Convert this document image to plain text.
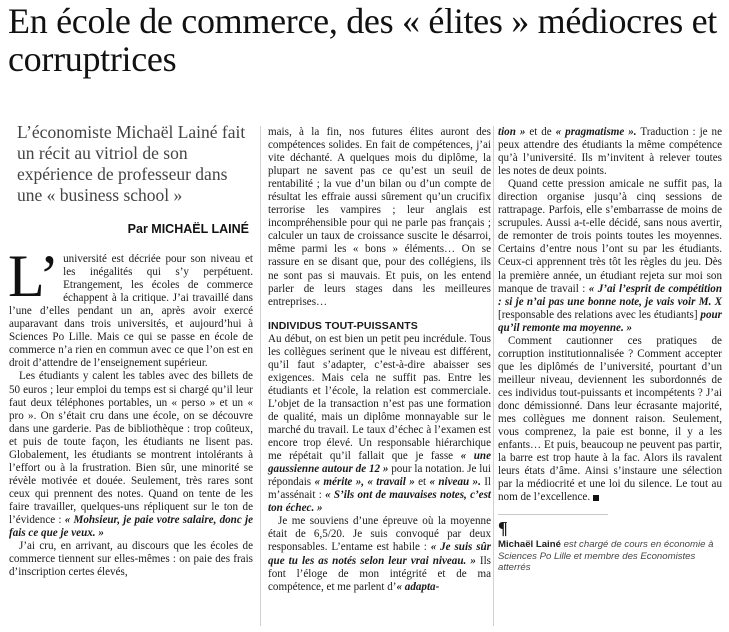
En école de commerce, des « élites » médiocres et corruptrices
L’économiste Michaël Lainé fait un récit au vitriol de son expérience de professeur dans une « business school »
Par MICHAËL LAINÉ

L’ université est décriée pour son niveau et les inégalités qui s’y perpétuent. Etrangement, les écoles de commerce échappent à la critique. J’ai travaillé dans l’une d’elles pendant un an, après avoir exercé auparavant dans trois universités, et aujourd’hui à Sciences Po Lille. Mais ce qui se passe en école de commerce n’a rien en commun avec ce que l’on est en droit d’attendre de l’enseignement supérieur.

Les étudiants y calent les tables avec des billets de 50 euros ; leur emploi du temps est si chargé qu’il leur faut deux téléphones portables, un « perso » et un « pro ». On s’était cru dans une école, on se découvre dans une garderie. Pas de bibliothèque : trop coûteux, et puis de toute façon, les étudiants ne lisent pas. Globalement, les étudiants se montrent intolérants à l’effort ou à la frustration. Bien sûr, une minorité se révèle motivée et douée. Seulement, très rares sont ceux qui prennent des notes. Quand on tente de les faire travailler, quelques-uns répliquent sur le ton de l’évidence : « Mohsieur, je paie votre salaire, donc je fais ce que je veux. »

J’ai cru, en arrivant, au discours que les écoles de commerce tiennent sur elles-mêmes : on paie des frais d’inscription certes élevés,

mais, à la fin, nos futures élites auront des compétences solides. En fait de compétences, j’ai vite déchanté. A quelques mois du diplôme, la plupart ne savent pas ce qu’est un seuil de rentabilité ; la vue d’un bilan ou d’un compte de résultat les effraie aussi sûrement qu’un crucifix terrorise les vampires ; leur anglais est incompréhensible pour qui ne parle pas français ; calculer un taux de croissance suscite le désarroi, même parmi les « bons » éléments… On se rassure en se disant que, pour des collégiens, ils ne sont pas si mauvais. Et puis, on les entend parler de leurs stages dans les meilleures entreprises…

INDIVIDUS TOUT-PUISSANTS

Au début, on est bien un petit peu incrédule. Tous les collègues serinent que le niveau est différent, qu’il faut s’adapter, c’est-à-dire abaisser ses exigences. Mais cela ne suffit pas. Entre les étudiants et l’école, la relation est commerciale. L’objet de la transaction n’est pas une formation de qualité, mais un diplôme monnayable sur le marché du travail. Le taux d’échec à l’examen est encore trop élevé. Un responsable hiérarchique me répétait qu’il fallait que je fasse « une gaussienne autour de 12 » pour la notation. Je lui répondais « mérite », « travail » et « niveau ». Il m’assénait : « S’ils ont de mauvaises notes, c’est ton échec. »

Je me souviens d’une épreuve où la moyenne était de 6,5/20. Je suis convoqué par deux responsables. L’entame est habile : « Je suis sûr que tu les as notés selon leur vrai niveau. » Ils font l’éloge de mon intégrité et de ma compétence, et me parlent d’« adapta-

tion » et de « pragmatisme ». Traduction : je ne peux attendre des étudiants la même compétence qu’à l’université. Ils m’invitent à relever toutes les notes de deux points.

Quand cette pression amicale ne suffit pas, la direction organise jusqu’à cinq sessions de rattrapage. Parfois, elle s’embarrasse de moins de scrupules. Aussi a-t-elle décidé, sans nous avertir, de remonter de trois points toutes les moyennes. Certains d’entre nous l’ont su par les étudiants. Ceux-ci apprennent très tôt les règles du jeu. Dès la première année, un étudiant rejeta sur moi son manque de travail : « J’ai l’esprit de compétition : si je n’ai pas une bonne note, je vais voir M. X [responsable des relations avec les étudiants] pour qu’il remonte ma moyenne. »

Comment cautionner ces pratiques de corruption institutionnalisée ? Comment accepter que les diplômés de l’université, pourtant d’un meilleur niveau, deviennent les subordonnés de ces individus tout-puissants et incompétents ? J’ai donc démissionné. Dans leur écrasante majorité, mes collègues me donnent raison. Seulement, vous comprenez, la paie est bonne, il y a les enfants… Et puis, beaucoup ne peuvent pas partir, la barre est trop haute à la fac. Alors ils ravalent leurs états d’âme. Ainsi s’instaure une sélection par la médiocrité et une loi du silence. Le tout au nom de l’excellence.

¶
Michaël Lainé est chargé de cours en économie à Sciences Po Lille et membre des Economistes atterrés
